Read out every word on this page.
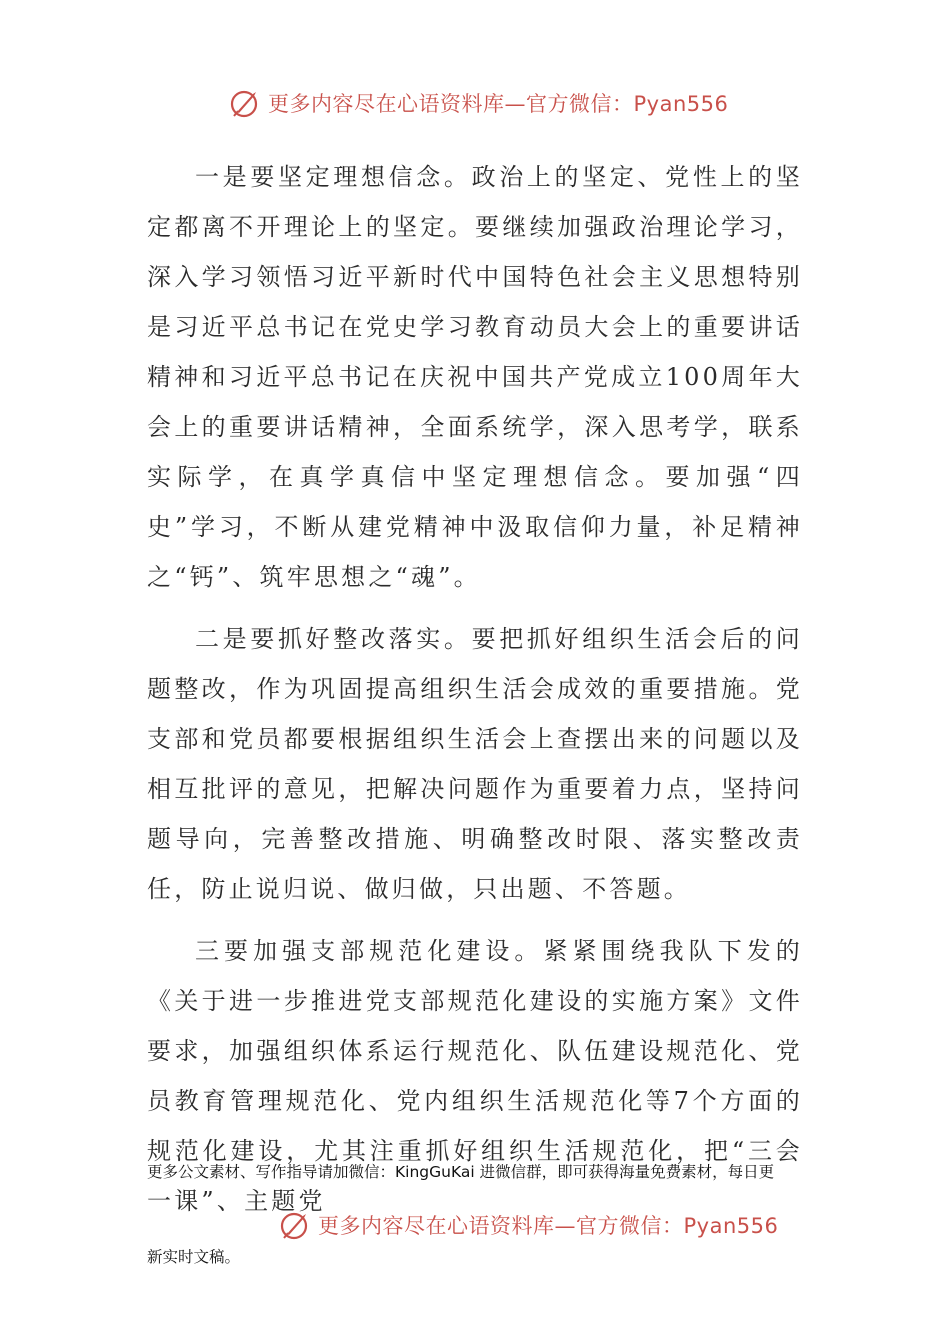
更多内容尽在心语资料库—官方微信：Pyan556

一是要坚定理想信念。政治上的坚定、党性上的坚定都离不开理论上的坚定。要继续加强政治理论学习，深入学习领悟习近平新时代中国特色社会主义思想特别是习近平总书记在党史学习教育动员大会上的重要讲话精神和习近平总书记在庆祝中国共产党成立100周年大会上的重要讲话精神，全面系统学，深入思考学，联系实际学，在真学真信中坚定理想信念。要加强“四史”学习，不断从建党精神中汲取信仰力量，补足精神之“钙”、筑牢思想之“魂”。

二是要抓好整改落实。要把抓好组织生活会后的问题整改，作为巩固提高组织生活会成效的重要措施。党支部和党员都要根据组织生活会上查摆出来的问题以及相互批评的意见，把解决问题作为重要着力点，坚持问题导向，完善整改措施、明确整改时限、落实整改责任，防止说归说、做归做，只出题、不答题。

三要加强支部规范化建设。紧紧围绕我队下发的《关于进一步推进党支部规范化建设的实施方案》文件要求，加强组织体系运行规范化、队伍建设规范化、党员教育管理规范化、党内组织生活规范化等7个方面的规范化建设，尤其注重抓好组织生活规范化，把“三会一课”、主题党

更多公文素材、写作指导请加微信：KingGuKai 进微信群，即可获得海量免费素材，每日更
更多内容尽在心语资料库—官方微信：Pyan556
新实时文稿。
